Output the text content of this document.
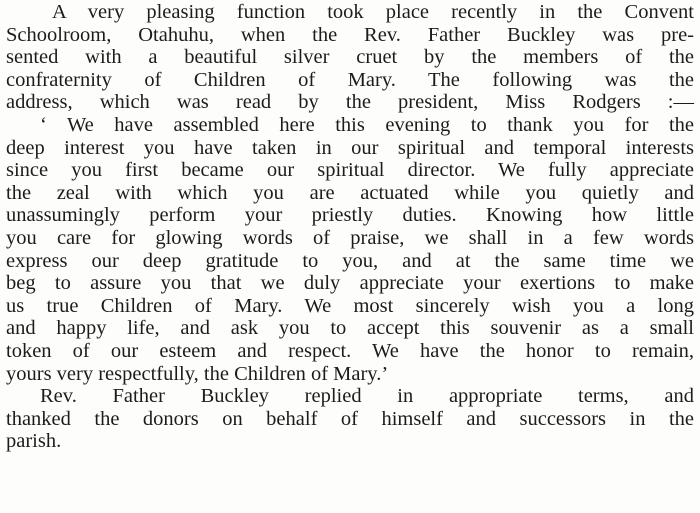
A very pleasing function took place recently in the Convent
Schoolroom, Otahuhu, when the Rev. Father Buckley was pre-
sented with a beautiful silver cruet by the members of the
confraternity of Children of Mary. The following was the
address, which was read by the president, Miss Rodgers :—
‘ We have assembled here this evening to thank you for the
deep interest you have taken in our spiritual and temporal interests
since you first became our spiritual director. We fully appreciate
the zeal with which you are actuated while you quietly and
unassumingly perform your priestly duties. Knowing how little
you care for glowing words of praise, we shall in a few words
express our deep gratitude to you, and at the same time we
beg to assure you that we duly appreciate your exertions to make
us true Children of Mary. We most sincerely wish you a long
and happy life, and ask you to accept this souvenir as a small
token of our esteem and respect. We have the honor to remain,
yours very respectfully, the Children of Mary.’
Rev. Father Buckley replied in appropriate terms, and
thanked the donors on behalf of himself and successors in the
parish.
